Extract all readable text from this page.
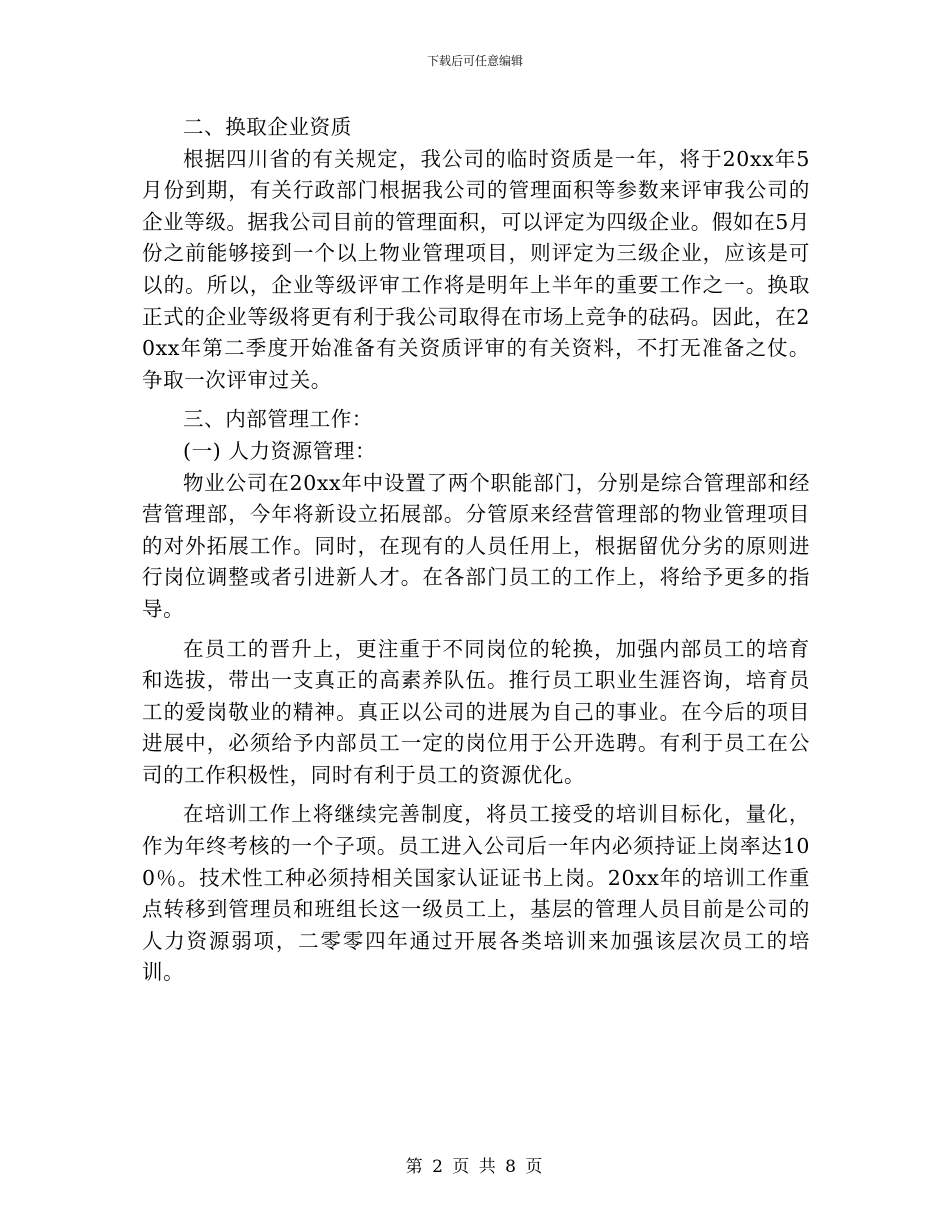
下载后可任意编辑

二、换取企业资质

根据四川省的有关规定，我公司的临时资质是一年，将于20xx年5月份到期，有关行政部门根据我公司的管理面积等参数来评审我公司的企业等级。据我公司目前的管理面积，可以评定为四级企业。假如在5月份之前能够接到一个以上物业管理项目，则评定为三级企业，应该是可以的。所以，企业等级评审工作将是明年上半年的重要工作之一。换取正式的企业等级将更有利于我公司取得在市场上竞争的砝码。因此，在20xx年第二季度开始准备有关资质评审的有关资料，不打无准备之仗。争取一次评审过关。

三、内部管理工作：

(一) 人力资源管理：

物业公司在20xx年中设置了两个职能部门，分别是综合管理部和经营管理部，今年将新设立拓展部。分管原来经营管理部的物业管理项目的对外拓展工作。同时，在现有的人员任用上，根据留优分劣的原则进行岗位调整或者引进新人才。在各部门员工的工作上，将给予更多的指导。

在员工的晋升上，更注重于不同岗位的轮换，加强内部员工的培育和选拔，带出一支真正的高素养队伍。推行员工职业生涯咨询，培育员工的爱岗敬业的精神。真正以公司的进展为自己的事业。在今后的项目进展中，必须给予内部员工一定的岗位用于公开选聘。有利于员工在公司的工作积极性，同时有利于员工的资源优化。

在培训工作上将继续完善制度，将员工接受的培训目标化，量化，作为年终考核的一个子项。员工进入公司后一年内必须持证上岗率达100％。技术性工种必须持相关国家认证证书上岗。20xx年的培训工作重点转移到管理员和班组长这一级员工上，基层的管理人员目前是公司的人力资源弱项，二零零四年通过开展各类培训来加强该层次员工的培训。

第 2 页 共 8 页
